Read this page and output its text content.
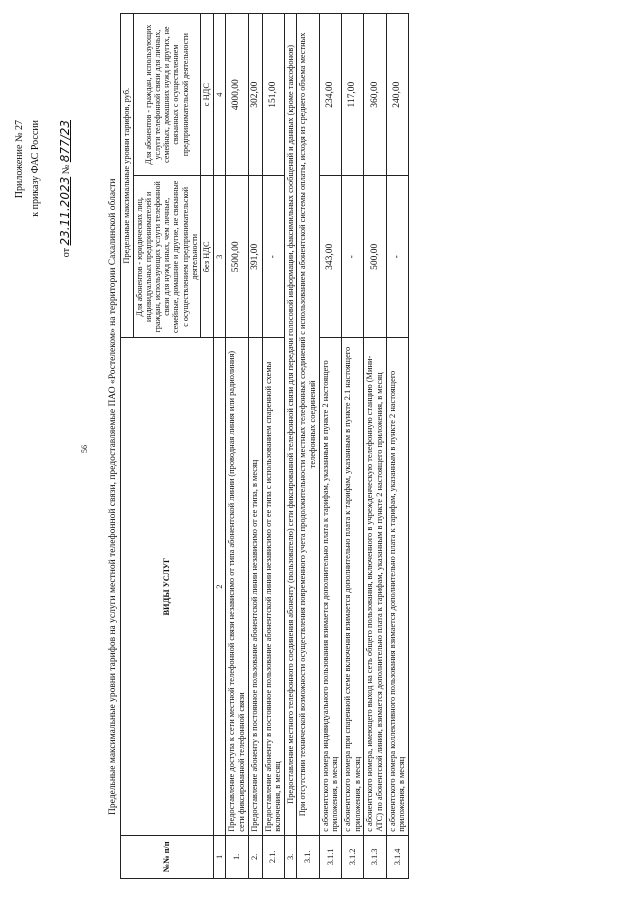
56
Приложение № 27 к приказу ФАС России
от 23.11.2023 № 877/23
Предельные максимальные уровни тарифов на услуги местной телефонной связи, предоставляемые ПАО «Ростелеком» на территории Сахалинской области
№№ п/п	ВИДЫ УСЛУГ	Предельные максимальные уровни тарифов, руб.	
		Для абонентов - юридических лиц, индивидуальных предпринимателей и граждан, использующих услуги телефонной связи для нужд иных, чем личные, семейные, домашние и другие, не связанные с осуществлением предпринимательской деятельности	Для абонентов - граждан, использующих услуги телефонной связи для личных, семейных, домашних нужд и других, не связанных с осуществлением предпринимательской деятельности
		без НДС	с НДС
1	2	3	4
1.	Предоставление доступа к сети местной телефонной связи независимо от типа абонентской линии (проводная линия или радиолиния) сети фиксированной телефонной связи	5500,00	4000,00
2.	Предоставление абоненту в постоянное пользование абонентской линии независимо от ее типа, в месяц	391,00	302,00
2.1.	Предоставление абоненту в постоянное пользование абонентской линии независимо от ее типа с использованием спаренной схемы включения, в месяц	-	151,00
3.	Предоставление местного телефонного соединения абоненту (пользователю) сети фиксированной телефонной связи для передачи голосовой информации, факсимильных сообщений и данных (кроме таксофонов)		
3.1.	При отсутствии технической возможности осуществления повременного учета продолжительности местных телефонных соединений с использованием абонентской системы оплаты, исходя из среднего объема местных телефонных соединений		
3.1.1	с абонентского номера индивидуального пользования взимается дополнительно плата к тарифам, указанным в пункте 2 настоящего приложения, в месяц	343,00	234,00
3.1.2	с абонентского номера при спаренной схеме включения взимается дополнительно плата к тарифам, указанным в пункте 2.1 настоящего приложения, в месяц	-	117,00
3.1.3	с абонентского номера, имеющего выход на сеть общего пользования, включенного в учрежденческую телефонную станцию (Мини-АТС) по абонентской линии, взимается дополнительно плата к тарифам, указанным в пункте 2 настоящего приложения, в месяц	500,00	360,00
3.1.4	с абонентского номера коллективного пользования взимается дополнительно плата к тарифам, указанным в пункте 2 настоящего приложения, в месяц	-	240,00
